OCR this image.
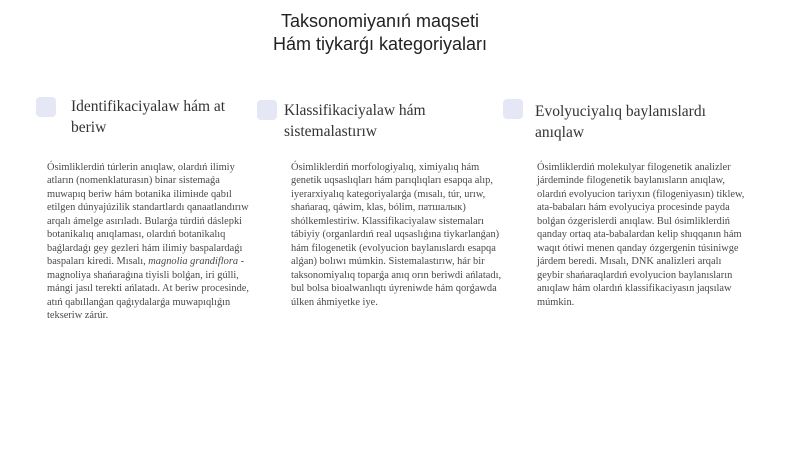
Taksonomiyanıń maqseti
Hám tiykarǵı kategoriyaları
Identifikaciyalaw hám at beriw
Ósimliklerdiń túrlerin anıqlaw, olardıń ilimiy atların (nomenklaturasın) binar sistemaǵa muwapıq beriw hám botanika ilimінde qabıl etilgen dúnyajúzilik standartlardı qanaatlandırıw arqalı ámelge asırıladı. Bularǵa túrdiń dáslepki botanikalıq anıqlaması, olardıń botanikalıq baǵlardaǵı gey gezleri hám ilimiy baspalardaǵı baspaları kiredi. Mısalı, magnolia grandiflora - magnoliya shańaraǵına tiyisli bolǵan, iri gúlli, mángi jasıl terekti ańlatadı. At beriw procesinde, atıń qabıllanǵan qaǵıydalarǵa muwapıqlıǵın tekseriw zárúr.
Klassifikaciyalaw hám sistemalastırıw
Ósimliklerdiń morfologiyalıq, ximiyalıq hám genetik uqsaslıqları hám parıqlıqları esapqa alıp, iyerarxiyalıq kategoriyalarǵa (mısalı, túr, urıw, shańaraq, qáwim, klas, bólim, патшалык) shólkemlestiriw. Klassifikaciyalaw sistemaları tábiyiy (organlardıń real uqsaslıǵına tiykarlanǵan) hám filogenetik (evolyucion baylanıslardı esapqa alǵan) bolıwı múmkin. Sistemalastırıw, hár bir taksonomiyalıq toparǵa anıq orın beriwdi ańlatadı, bul bolsa bioalwanlıqtı úyreniwde hám qorǵawda úlken áhmiyetke iye.
Evolyuciyalıq baylanıslardı anıqlaw
Ósimliklerdiń molekulyar filogenetik analizler járdeminde filogenetik baylanısların anıqlaw, olardıń evolyucion tariyxın (filogeniyasın) tiklew, ata-babaları hám evolyuciya procesinde payda bolǵan ózgerislerdi anıqlaw. Bul ósimliklerdiń qanday ortaq ata-babalardan kelip shıqqanın hám waqıt ótiwi menen qanday ózgergenin túsiniwge járdem beredi. Mısalı, DNK analizleri arqalı geybir shańaraqlardıń evolyucion baylanısların anıqlaw hám olardıń klassifikaciyasın jaqsılaw múmkin.
